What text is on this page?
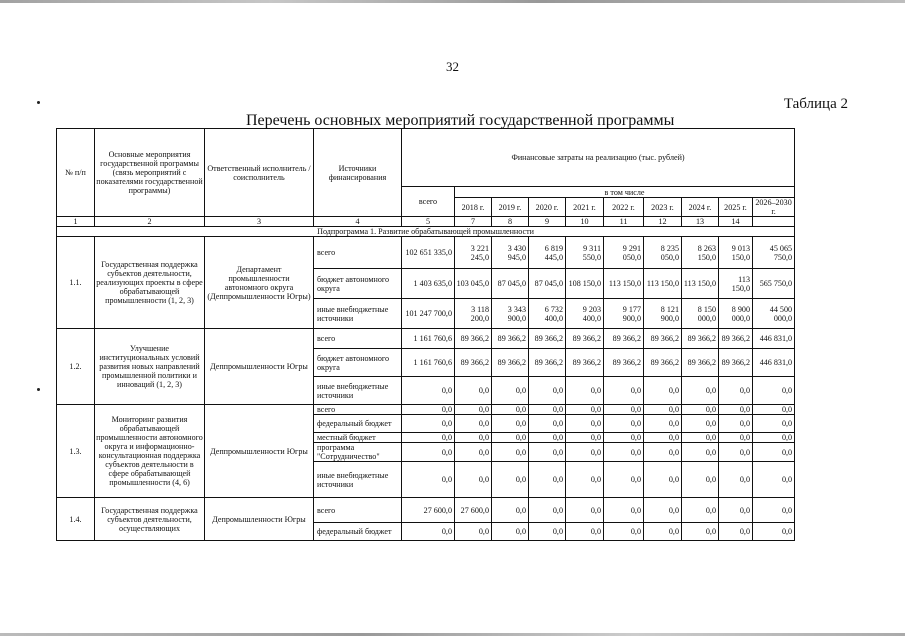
32
Таблица 2
Перечень основных мероприятий государственной программы
№ п/п	Основные мероприятия государственной программы (связь мероприятий с показателями государственной программы)	Ответственный исполнитель / соисполнитель	Источники финансирования	Финансовые затраты на реализацию (тыс. рублей)									
				всего	в том числе								
					2018 г.	2019 г.	2020 г.	2021 г.	2022 г.	2023 г.	2024 г.	2025 г.	2026–2030 г.
1	2	3	4	5	7	8	9	10	11	12	13	14	
Подпрограмма 1. Развитие обрабатывающей промышленности													
1.1.	Государственная поддержка субъектов деятельности, реализующих проекты в сфере обрабатывающей промышленности (1, 2, 3)	Департамент промышленности автономного округа (Деппромышленности Югры)	всего	102 651 335,0	3 221 245,0	3 430 945,0	6 819 445,0	9 311 550,0	9 291 050,0	8 235 050,0	8 263 150,0	9 013 150,0	45 065 750,0
			бюджет автономного округа	1 403 635,0	103 045,0	87 045,0	87 045,0	108 150,0	113 150,0	113 150,0	113 150,0	113 150,0	565 750,0
			иные внебюджетные источники	101 247 700,0	3 118 200,0	3 343 900,0	6 732 400,0	9 203 400,0	9 177 900,0	8 121 900,0	8 150 000,0	8 900 000,0	44 500 000,0
1.2.	Улучшение институциональных условий развития новых направлений промышленной политики и инноваций (1, 2, 3)	Деппромышленности Югры	всего	1 161 760,6	89 366,2	89 366,2	89 366,2	89 366,2	89 366,2	89 366,2	89 366,2	89 366,2	446 831,0
			бюджет автономного округа	1 161 760,6	89 366,2	89 366,2	89 366,2	89 366,2	89 366,2	89 366,2	89 366,2	89 366,2	446 831,0
			иные внебюджетные источники	0,0	0,0	0,0	0,0	0,0	0,0	0,0	0,0	0,0	0,0
1.3.	Мониторинг развития обрабатывающей промышленности автономного округа и информационно-консультационная поддержка субъектов деятельности в сфере обрабатывающей промышленности (4, 6)	Деппромышленности Югры	всего	0,0	0,0	0,0	0,0	0,0	0,0	0,0	0,0	0,0	0,0
			федеральный бюджет	0,0	0,0	0,0	0,0	0,0	0,0	0,0	0,0	0,0	0,0
			местный бюджет	0,0	0,0	0,0	0,0	0,0	0,0	0,0	0,0	0,0	0,0
			программа "Сотрудничество"	0,0	0,0	0,0	0,0	0,0	0,0	0,0	0,0	0,0	0,0
			иные внебюджетные источники	0,0	0,0	0,0	0,0	0,0	0,0	0,0	0,0	0,0	0,0
1.4.	Государственная поддержка субъектов деятельности, осуществляющих	Депромышленности Югры	всего	27 600,0	27 600,0	0,0	0,0	0,0	0,0	0,0	0,0	0,0	0,0
			федеральный бюджет	0,0	0,0	0,0	0,0	0,0	0,0	0,0	0,0	0,0	0,0
